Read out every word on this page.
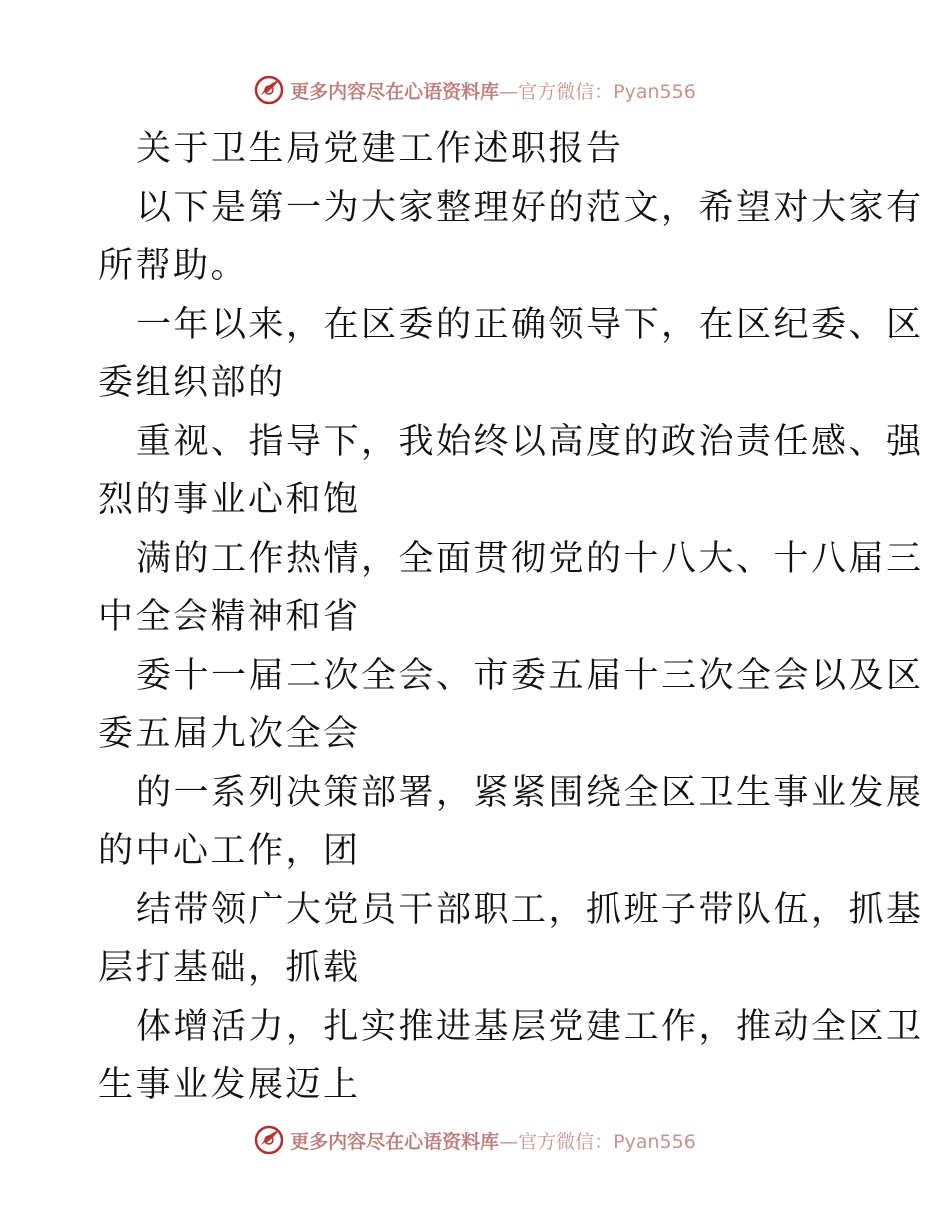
更多内容尽在心语资料库—官方微信：Pyan556
关于卫生局党建工作述职报告
以下是第一为大家整理好的范文，希望对大家有
所帮助。
一年以来，在区委的正确领导下，在区纪委、区
委组织部的
重视、指导下，我始终以高度的政治责任感、强
烈的事业心和饱
满的工作热情，全面贯彻党的十八大、十八届三
中全会精神和省
委十一届二次全会、市委五届十三次全会以及区
委五届九次全会
的一系列决策部署，紧紧围绕全区卫生事业发展
的中心工作，团
结带领广大党员干部职工，抓班子带队伍，抓基
层打基础，抓载
体增活力，扎实推进基层党建工作，推动全区卫
生事业发展迈上
更多内容尽在心语资料库—官方微信：Pyan556
